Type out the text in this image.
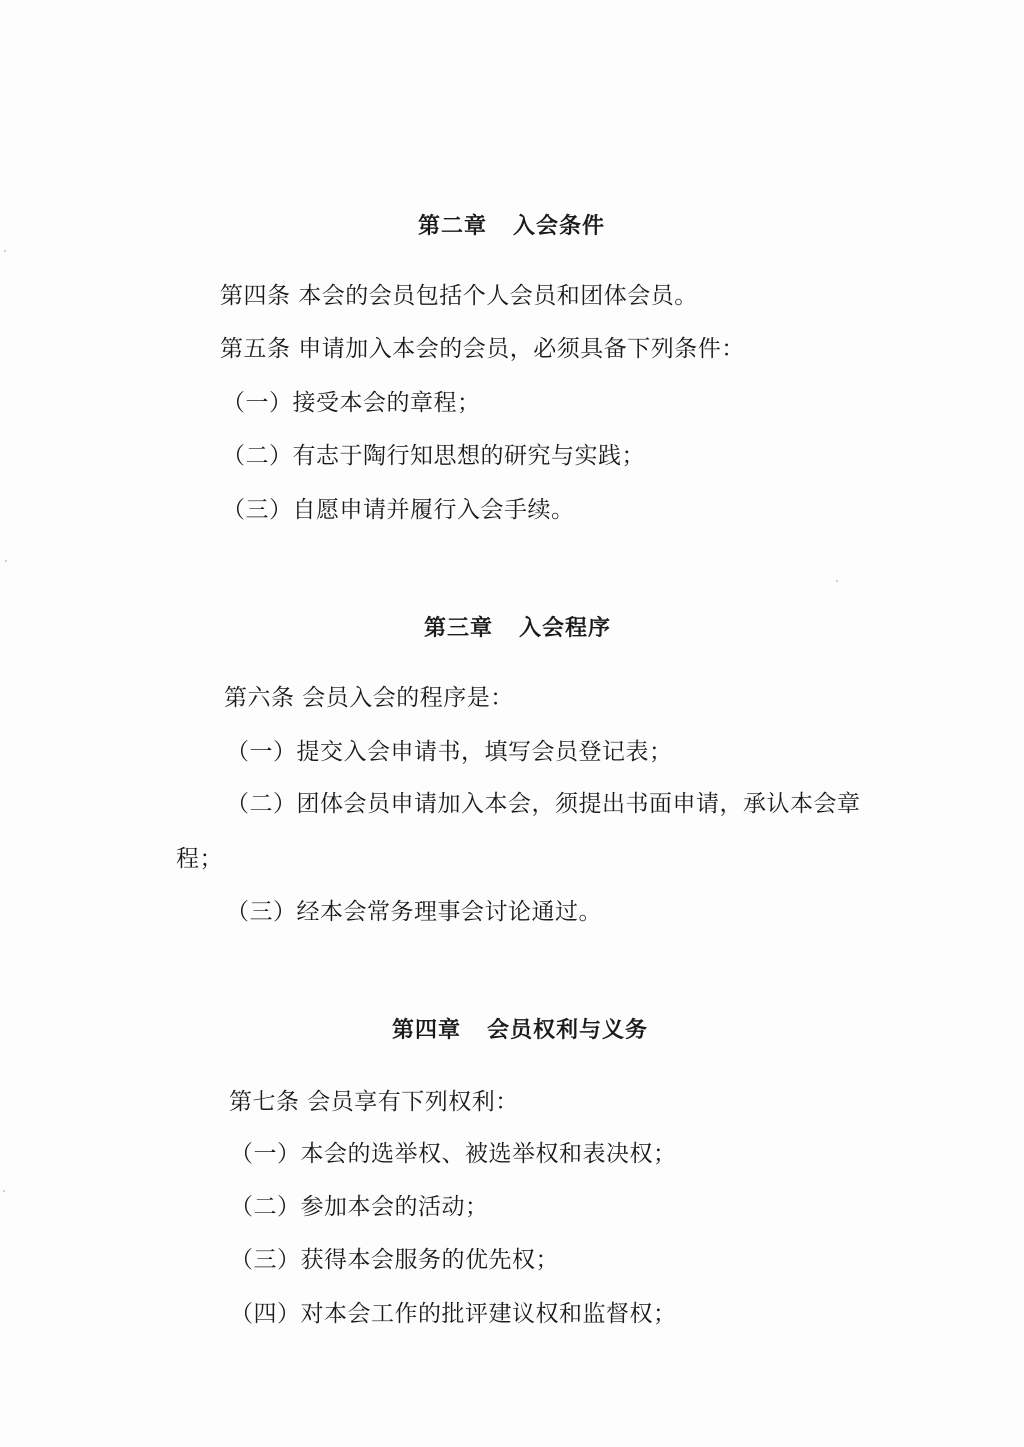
第二章 入会条件
第四条 本会的会员包括个人会员和团体会员。
第五条 申请加入本会的会员，必须具备下列条件：
（一）接受本会的章程；
（二）有志于陶行知思想的研究与实践；
（三）自愿申请并履行入会手续。
第三章 入会程序
第六条 会员入会的程序是：
（一）提交入会申请书，填写会员登记表；
（二）团体会员申请加入本会，须提出书面申请，承认本会章
程；
（三）经本会常务理事会讨论通过。
第四章 会员权利与义务
第七条 会员享有下列权利：
（一）本会的选举权、被选举权和表决权；
（二）参加本会的活动；
（三）获得本会服务的优先权；
（四）对本会工作的批评建议权和监督权；
